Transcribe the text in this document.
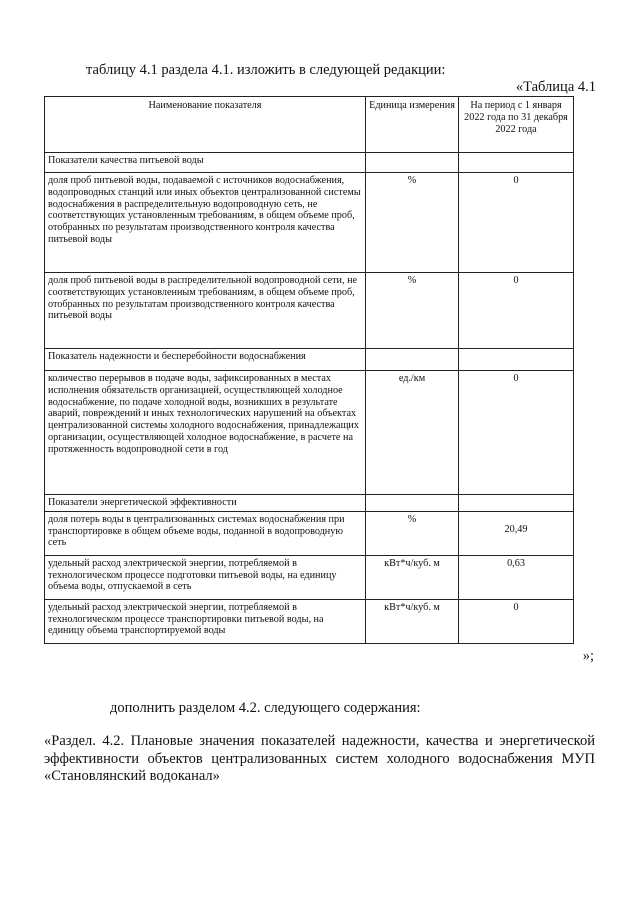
таблицу 4.1 раздела 4.1. изложить в следующей редакции:
«Таблица 4.1
Наименование показателя	Единица измерения	На период с 1 января 2022 года по 31 декабря 2022 года
Показатели качества питьевой воды		
доля проб питьевой воды, подаваемой с источников водоснабжения, водопроводных станций или иных объектов централизованной системы водоснабжения в распределительную водопроводную сеть, не соответствующих установленным требованиям, в общем объеме проб, отобранных по результатам производственного контроля качества питьевой воды	%	0
доля проб питьевой воды в распределительной водопроводной сети, не соответствующих установленным требованиям, в общем объеме проб, отобранных по результатам производственного контроля качества питьевой воды	%	0
Показатель надежности и бесперебойности водоснабжения		
количество перерывов в подаче воды, зафиксированных в местах исполнения обязательств организацией, осуществляющей холодное водоснабжение, по подаче холодной воды, возникших в результате аварий, повреждений и иных технологических нарушений на объектах централизованной системы холодного водоснабжения, принадлежащих организации, осуществляющей холодное водоснабжение, в расчете на протяженность водопроводной сети в год	ед./км	0
Показатели энергетической эффективности		
доля потерь воды в централизованных системах водоснабжения при транспортировке в общем объеме воды, поданной в водопроводную сеть	%	20,49
удельный расход электрической энергии, потребляемой в технологическом процессе подготовки питьевой воды, на единицу объема воды, отпускаемой в сеть	кВт*ч/куб. м	0,63
удельный расход электрической энергии, потребляемой в технологическом процессе транспортировки питьевой воды, на единицу объема транспортируемой воды	кВт*ч/куб. м	0
»;
дополнить разделом 4.2. следующего содержания:
«Раздел. 4.2. Плановые значения показателей надежности, качества и энергетической эффективности объектов централизованных систем холодного водоснабжения МУП «Становлянский водоканал»
